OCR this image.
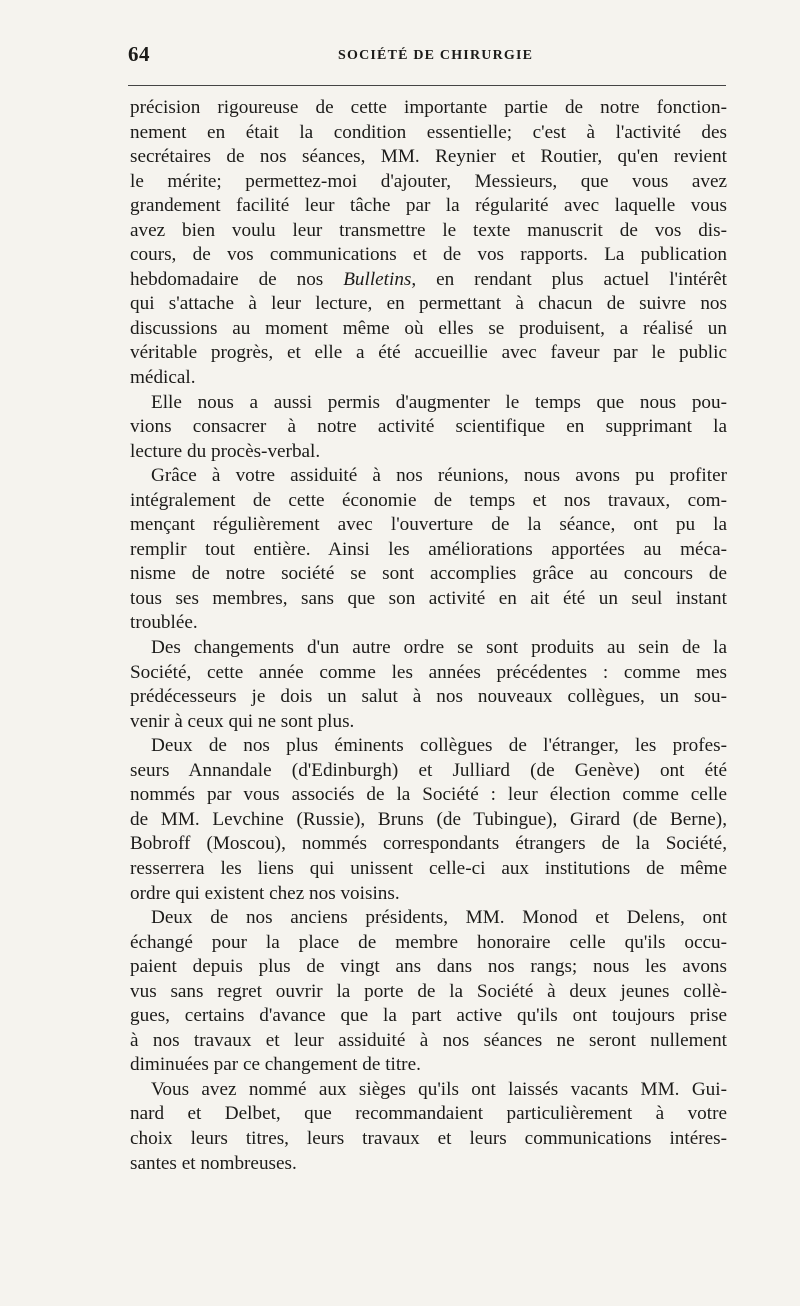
64	SOCIÉTÉ DE CHIRURGIE
précision rigoureuse de cette importante partie de notre fonction-
nement en était la condition essentielle; c'est à l'activité des
secrétaires de nos séances, MM. Reynier et Routier, qu'en revient
le mérite; permettez-moi d'ajouter, Messieurs, que vous avez
grandement facilité leur tâche par la régularité avec laquelle vous
avez bien voulu leur transmettre le texte manuscrit de vos dis-
cours, de vos communications et de vos rapports. La publication
hebdomadaire de nos Bulletins, en rendant plus actuel l'intérêt
qui s'attache à leur lecture, en permettant à chacun de suivre nos
discussions au moment même où elles se produisent, a réalisé un
véritable progrès, et elle a été accueillie avec faveur par le public
médical.
Elle nous a aussi permis d'augmenter le temps que nous pou-
vions consacrer à notre activité scientifique en supprimant la
lecture du procès-verbal.
Grâce à votre assiduité à nos réunions, nous avons pu profiter
intégralement de cette économie de temps et nos travaux, com-
mençant régulièrement avec l'ouverture de la séance, ont pu la
remplir tout entière. Ainsi les améliorations apportées au méca-
nisme de notre société se sont accomplies grâce au concours de
tous ses membres, sans que son activité en ait été un seul instant
troublée.
Des changements d'un autre ordre se sont produits au sein de la
Société, cette année comme les années précédentes : comme mes
prédécesseurs je dois un salut à nos nouveaux collègues, un sou-
venir à ceux qui ne sont plus.
Deux de nos plus éminents collègues de l'étranger, les profes-
seurs Annandale (d'Edinburgh) et Julliard (de Genève) ont été
nommés par vous associés de la Société : leur élection comme celle
de MM. Levchine (Russie), Bruns (de Tubingue), Girard (de Berne),
Bobroff (Moscou), nommés correspondants étrangers de la Société,
resserrera les liens qui unissent celle-ci aux institutions de même
ordre qui existent chez nos voisins.
Deux de nos anciens présidents, MM. Monod et Delens, ont
échangé pour la place de membre honoraire celle qu'ils occu-
paient depuis plus de vingt ans dans nos rangs; nous les avons
vus sans regret ouvrir la porte de la Société à deux jeunes collè-
gues, certains d'avance que la part active qu'ils ont toujours prise
à nos travaux et leur assiduité à nos séances ne seront nullement
diminuées par ce changement de titre.
Vous avez nommé aux sièges qu'ils ont laissés vacants MM. Gui-
nard et Delbet, que recommandaient particulièrement à votre
choix leurs titres, leurs travaux et leurs communications intéres-
santes et nombreuses.
